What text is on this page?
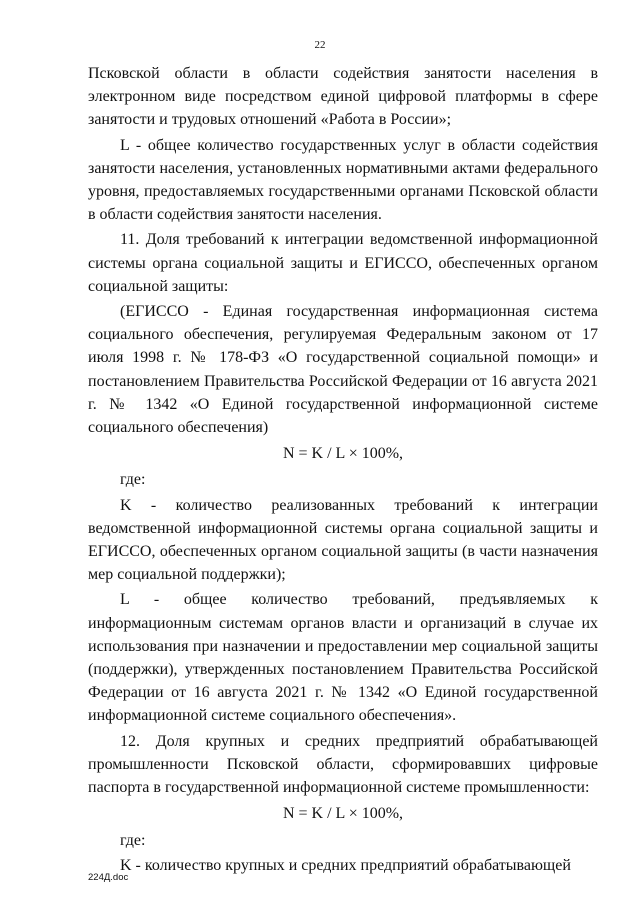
22

Псковской области в области содействия занятости населения в электронном виде посредством единой цифровой платформы в сфере занятости и трудовых отношений «Работа в России»;

L - общее количество государственных услуг в области содействия занятости населения, установленных нормативными актами федерального уровня, предоставляемых государственными органами Псковской области в области содействия занятости населения.

11. Доля требований к интеграции ведомственной информационной системы органа социальной защиты и ЕГИССО, обеспеченных органом социальной защиты:

(ЕГИССО - Единая государственная информационная система социального обеспечения, регулируемая Федеральным законом от 17 июля 1998 г. № 178-ФЗ «О государственной социальной помощи» и постановлением Правительства Российской Федерации от 16 августа 2021 г. № 1342 «О Единой государственной информационной системе социального обеспечения)

N = K / L × 100%,

где:

K - количество реализованных требований к интеграции ведомственной информационной системы органа социальной защиты и ЕГИССО, обеспеченных органом социальной защиты (в части назначения мер социальной поддержки);

L - общее количество требований, предъявляемых к информационным системам органов власти и организаций в случае их использования при назначении и предоставлении мер социальной защиты (поддержки), утвержденных постановлением Правительства Российской Федерации от 16 августа 2021 г. № 1342 «О Единой государственной информационной системе социального обеспечения».

12. Доля крупных и средних предприятий обрабатывающей промышленности Псковской области, сформировавших цифровые паспорта в государственной информационной системе промышленности:

N = K / L × 100%,

где:

K - количество крупных и средних предприятий обрабатывающей

224Д.doc
